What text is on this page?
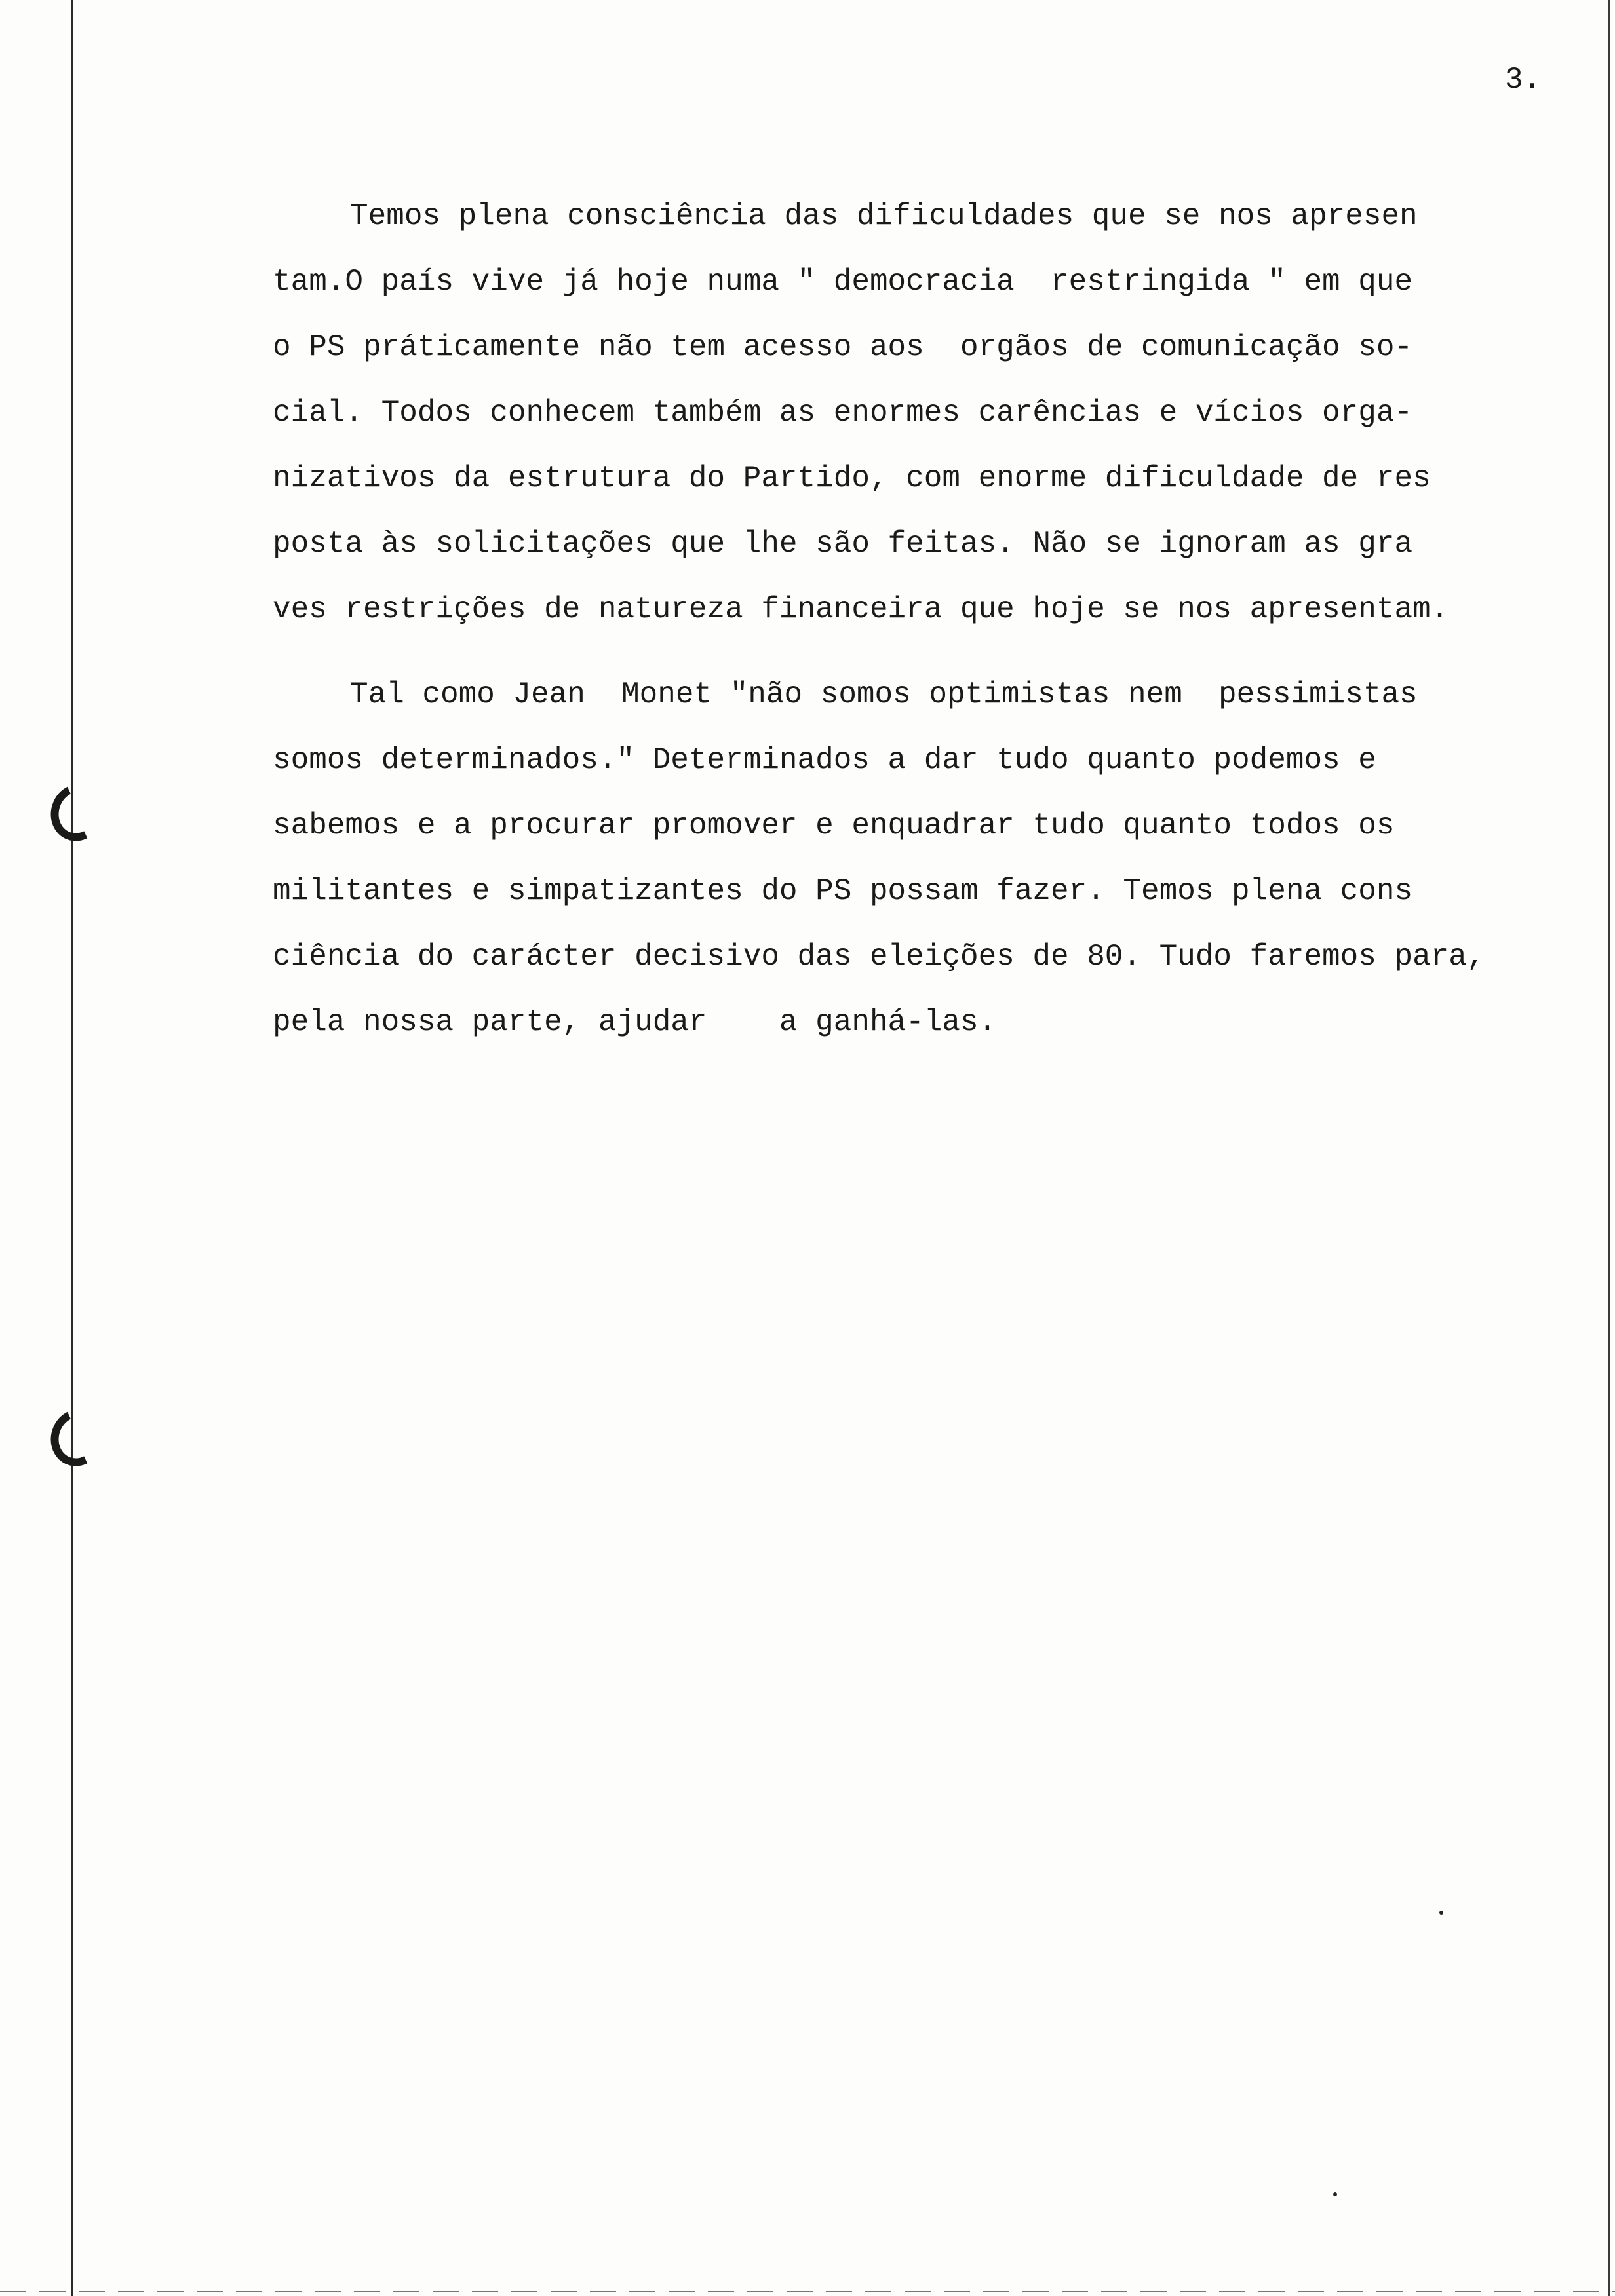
3.
Temos plena consciência das dificuldades que se nos apresen
tam.O país vive já hoje numa " democracia  restringida " em que
o PS práticamente não tem acesso aos  orgãos de comunicação so-
cial. Todos conhecem também as enormes carências e vícios orga-
nizativos da estrutura do Partido, com enorme dificuldade de res
posta às solicitações que lhe são feitas. Não se ignoram as gra
ves restrições de natureza financeira que hoje se nos apresentam.
Tal como Jean  Monet "não somos optimistas nem  pessimistas
somos determinados." Determinados a dar tudo quanto podemos e
sabemos e a procurar promover e enquadrar tudo quanto todos os
militantes e simpatizantes do PS possam fazer. Temos plena cons
ciência do carácter decisivo das eleições de 80. Tudo faremos para,
pela nossa parte, ajudar    a ganhá-las.
